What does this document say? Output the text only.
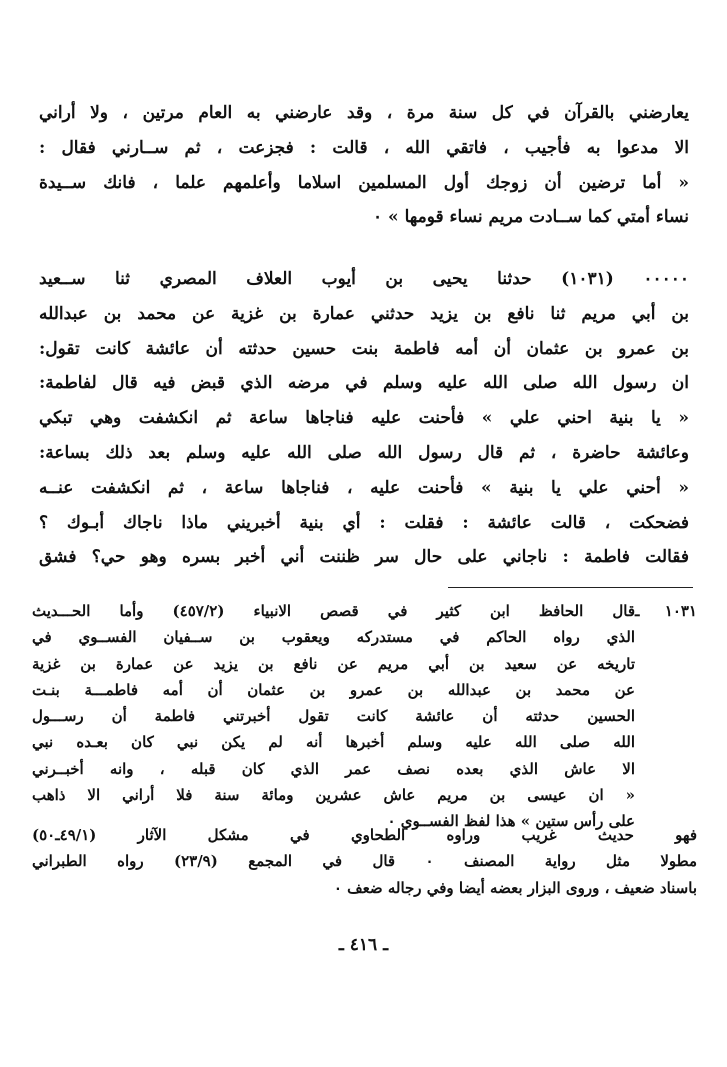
يعارضني بالقرآن في كل سنة مرة ، وقد عارضني به العام مرتين ، ولا أراني
الا مدعوا به فأجيب ، فاتقي الله ، قالت : فجزعت ، ثم ســارني فقال :
« أما ترضين أن زوجك أول المسلمين اسلاما وأعلمهم علما ، فانك ســيدة
نساء أمتي كما ســادت مريم نساء قومها » ٠
٠٠٠٠٠ (١٠٣١) حدثنا يحيى بن أيوب العلاف المصري ثنا ســعيد
بن أبي مريم ثنا نافع بن يزيد حدثني عمارة بن غزية عن محمد بن عبدالله
بن عمرو بن عثمان أن أمه فاطمة بنت حسين حدثته أن عائشة كانت تقول:
ان رسول الله صلى الله عليه وسلم في مرضه الذي قبض فيه قال لفاطمة:
« يا بنية احني علي » فأحنت عليه فناجاها ساعة ثم انكشفت وهي تبكي
وعائشة حاضرة ، ثم قال رسول الله صلى الله عليه وسلم بعد ذلك بساعة:
« أحني علي يا بنية » فأحنت عليه ، فناجاها ساعة ، ثم انكشفت عنــه
فضحكت ، قالت عائشة : فقلت : أي بنية أخبريني ماذا ناجاك أبـوك ؟
فقالت فاطمة : ناجاني على حال سر ظننت أني أخبر بسره وهو حي؟ فشق
١٠٣١ ـقال الحافظ ابن كثير في قصص الانبياء (٤٥٧/٢) وأما الحـــديث
الذي رواه الحاكم في مستدركه ويعقوب بن ســفيان الفســوي في
تاريخه عن سعيد بن أبي مريم عن نافع بن يزيد عن عمارة بن غزية
عن محمد بن عبدالله بن عمرو بن عثمان أن أمه فاطمـــة بنـت
الحسين حدثته أن عائشة كانت تقول أخبرتني فاطمة أن رســـول
الله صلى الله عليه وسلم أخبرها أنه لم يكن نبي كان بعـده نبي
الا عاش الذي بعده نصف عمر الذي كان قبله ، وانه أخبــرني
« ان عيسى بن مريم عاش عشرين ومائة سنة فلا أراني الا ذاهب
على رأس ستين » هذا لفظ الفســوي ٠
فهو حديث غريب وراوه الطحاوي في مشكل الآثار (٤٩/١ـ٥٠)
مطولا مثل رواية المصنف ٠ قال في المجمع (٢٣/٩) رواه الطبراني
باسناد ضعيف ، وروى البزار بعضه أيضا وفي رجاله ضعف ٠
ـ ٤١٦ ـ
